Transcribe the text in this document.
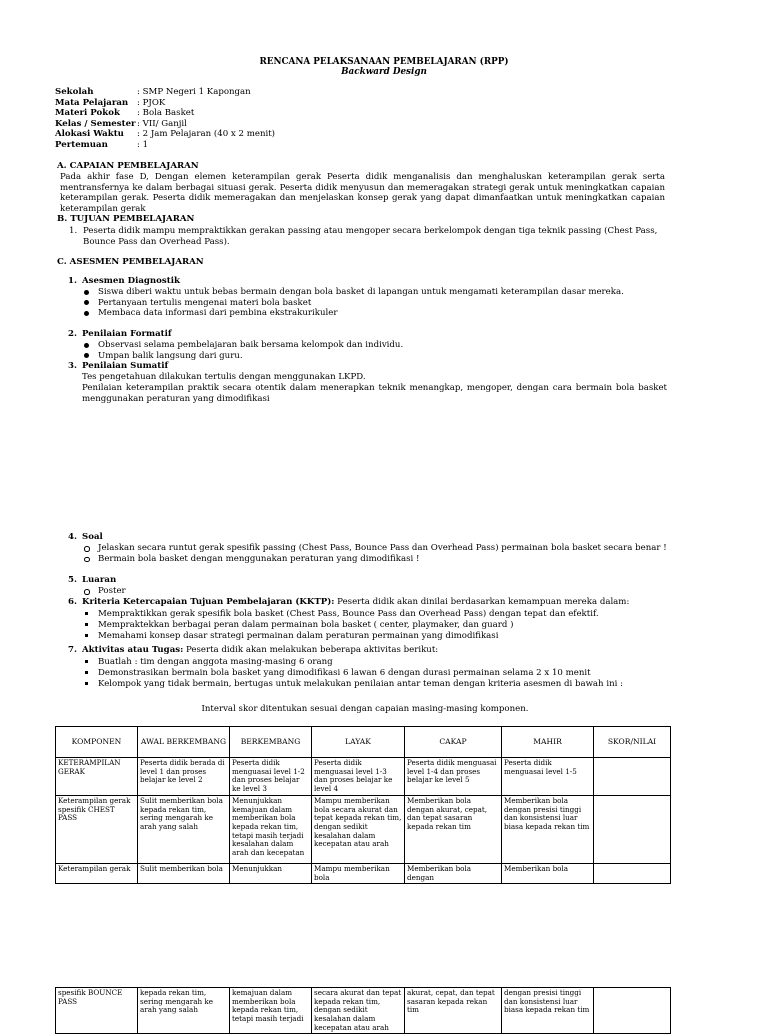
RENCANA PELAKSANAAN PEMBELAJARAN (RPP)
Backward Design
Sekolah	: SMP Negeri 1 Kapongan
Mata Pelajaran	: PJOK
Materi Pokok	: Bola Basket
Kelas / Semester : VII/ Ganjil
Alokasi Waktu	: 2 Jam Pelajaran (40 x 2 menit)
Pertemuan	: 1
A. CAPAIAN PEMBELAJARAN
Pada akhir fase D, Dengan elemen keterampilan gerak Peserta didik menganalisis dan menghaluskan keterampilan gerak serta mentransfernya ke dalam berbagai situasi gerak. Peserta didik menyusun dan memeragakan strategi gerak untuk meningkatkan capaian keterampilan gerak. Peserta didik memeragakan dan menjelaskan konsep gerak yang dapat dimanfaatkan untuk meningkatkan capaian keterampilan gerak
B. TUJUAN PEMBELAJARAN
1. Peserta didik mampu mempraktikkan gerakan passing atau mengoper secara berkelompok dengan tiga teknik passing (Chest Pass, Bounce Pass dan Overhead Pass).
C. ASESMEN PEMBELAJARAN
1. Asesmen Diagnostik
Siswa diberi waktu untuk bebas bermain dengan bola basket di lapangan untuk mengamati keterampilan dasar mereka.
Pertanyaan tertulis mengenai materi bola basket
Membaca data informasi dari pembina ekstrakurikuler
2. Penilaian Formatif
Observasi selama pembelajaran baik bersama kelompok dan individu.
Umpan balik langsung dari guru.
3. Penilaian Sumatif
Tes pengetahuan dilakukan tertulis dengan menggunakan LKPD.
Penilaian keterampilan praktik secara otentik dalam menerapkan teknik menangkap, mengoper, dengan cara bermain bola basket menggunakan peraturan yang dimodifikasi
4. Soal
Jelaskan secara runtut gerak spesifik passing (Chest Pass, Bounce Pass dan Overhead Pass) permainan bola basket secara benar !
Bermain bola basket dengan menggunakan peraturan yang dimodifikasi !
5. Luaran
Poster
6. Kriteria Ketercapaian Tujuan Pembelajaran (KKTP): Peserta didik akan dinilai berdasarkan kemampuan mereka dalam:
Mempraktikkan gerak spesifik bola basket (Chest Pass, Bounce Pass dan Overhead Pass) dengan tepat dan efektif.
Mempraktekkan berbagai peran dalam permainan bola basket ( center, playmaker, dan guard )
Memahami konsep dasar strategi permainan dalam peraturan permainan yang dimodifikasi
7. Aktivitas atau Tugas: Peserta didik akan melakukan beberapa aktivitas berikut:
Buatlah : tim dengan anggota masing-masing 6 orang
Demonstrasikan bermain bola basket yang dimodifikasi 6 lawan 6 dengan durasi permainan selama 2 x 10 menit
Kelompok yang tidak bermain, bertugas untuk melakukan penilaian antar teman dengan kriteria asesmen di bawah ini :
Interval skor ditentukan sesuai dengan capaian masing-masing komponen.
KOMPONEN	AWAL BERKEMBANG	BERKEMBANG	LAYAK	CAKAP	MAHIR	SKOR/NILAI
KETERAMPILAN GERAK	Peserta didik berada di level 1 dan proses belajar ke level 2	Peserta didik menguasai level 1-2 dan proses belajar ke level 3	Peserta didik menguasai level 1-3 dan proses belajar ke level 4	Peserta didik menguasai level 1-4 dan proses belajar ke level 5	Peserta didik menguasai level 1-5	
Keterampilan gerak spesifik CHEST PASS	Sulit memberikan bola kepada rekan tim, sering mengarah ke arah yang salah	Menunjukkan kemajuan dalam memberikan bola kepada rekan tim, tetapi masih terjadi kesalahan dalam arah dan kecepatan	Mampu memberikan bola secara akurat dan tepat kepada rekan tim, dengan sedikit kesalahan dalam kecepatan atau arah	Memberikan bola dengan akurat, cepat, dan tepat sasaran kepada rekan tim	Memberikan bola dengan presisi tinggi dan konsistensi luar biasa kepada rekan tim	
Keterampilan gerak	Sulit memberikan bola	Menunjukkan	Mampu memberikan bola	Memberikan bola dengan	Memberikan bola	
spesifik BOUNCE PASS	kepada rekan tim, sering mengarah ke arah yang salah	kemajuan dalam memberikan bola kepada rekan tim, tetapi masih terjadi	secara akurat dan tepat kepada rekan tim, dengan sedikit kesalahan dalam kecepatan atau arah	akurat, cepat, dan tepat sasaran kepada rekan tim	dengan presisi tinggi dan konsistensi luar biasa kepada rekan tim	
